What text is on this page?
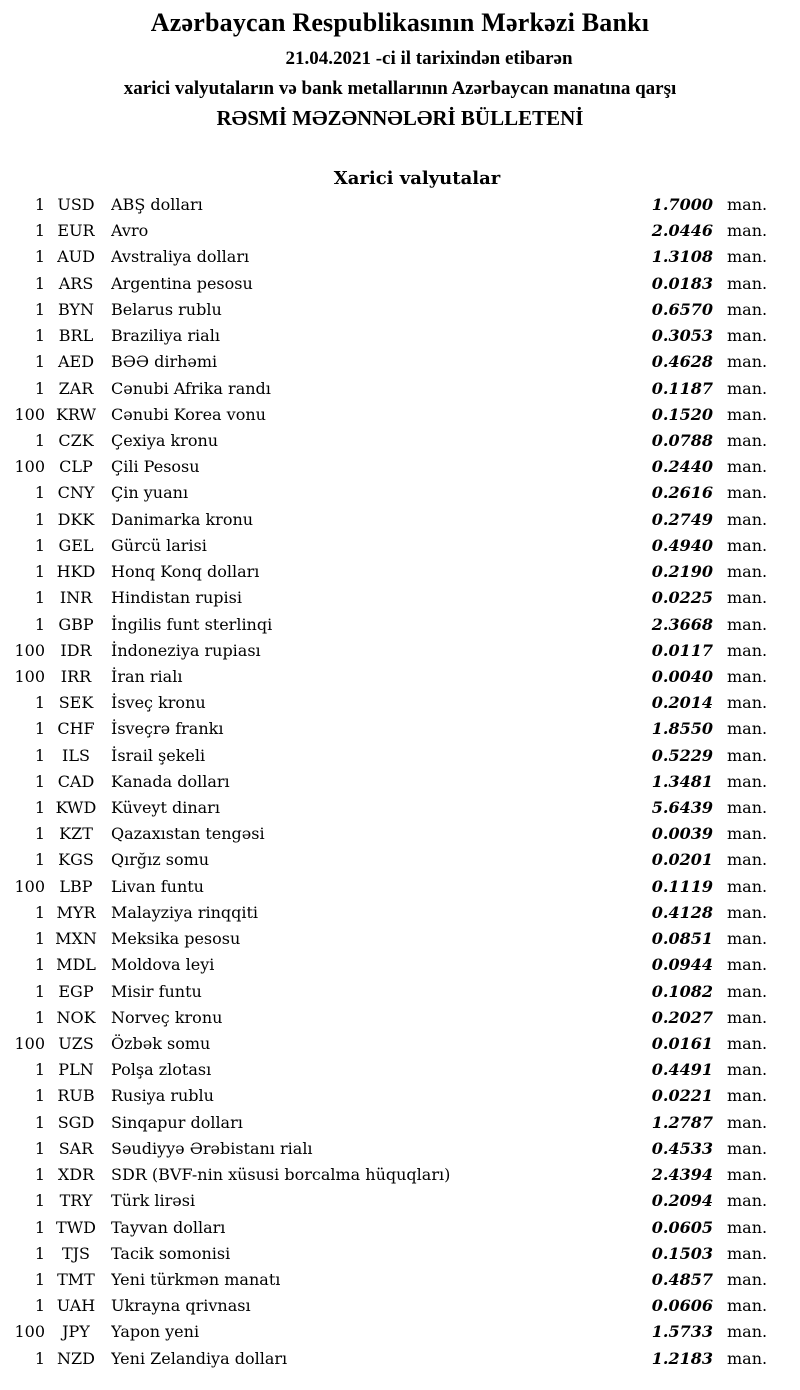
Azərbaycan Respublikasının Mərkəzi Bankı
21.04.2021 -ci il tarixindən etibarən
xarici valyutaların və bank metallarının Azərbaycan manatına qarşı
RƏSMİ MƏZƏNNƏLƏRİ BÜLLETENİ
Xarici valyutalar
1 USD	ABŞ dolları	1.7000 man.
1 EUR	Avro	2.0446 man.
1 AUD	Avstraliya dolları	1.3108 man.
1 ARS	Argentina pesosu	0.0183 man.
1 BYN	Belarus rublu	0.6570 man.
1 BRL	Braziliya rialı	0.3053 man.
1 AED	BƏƏ dirhəmi	0.4628 man.
1 ZAR	Cənubi Afrika randı	0.1187 man.
100 KRW Cənubi Korea vonu	0.1520 man.
1 CZK	Çexiya kronu	0.0788 man.
100 CLP	Çili Pesosu	0.2440 man.
1 CNY	Çin yuanı	0.2616 man.
1 DKK	Danimarka kronu	0.2749 man.
1 GEL	Gürcü larisi	0.4940 man.
1 HKD Honq Konq dolları	0.2190 man.
1 INR	Hindistan rupisi	0.0225 man.
1 GBP	İngilis funt sterlinqi	2.3668 man.
100 IDR	İndoneziya rupiası	0.0117 man.
100 IRR	İran rialı	0.0040 man.
1 SEK	İsveç kronu	0.2014 man.
1 CHF	İsveçrə frankı	1.8550 man.
1	ILS	İsrail şekeli	0.5229 man.
1 CAD	Kanada dolları	1.3481 man.
1 KWD Küveyt dinarı	5.6439 man.
1 KZT	Qazaxıstan tengəsi	0.0039 man.
1 KGS	Qırğız somu	0.0201 man.
100 LBP	Livan funtu	0.1119 man.
1 MYR Malayziya rinqqiti	0.4128 man.
1 MXN Meksika pesosu	0.0851 man.
1 MDL Moldova leyi	0.0944 man.
1 EGP	Misir funtu	0.1082 man.
1 NOK Norveç kronu	0.2027 man.
100 UZS	Özbək somu	0.0161 man.
1 PLN	Polşa zlotası	0.4491 man.
1 RUB	Rusiya rublu	0.0221 man.
1 SGD	Sinqapur dolları	1.2787 man.
1 SAR	Səudiyyə Ərəbistanı rialı	0.4533 man.
1 XDR	SDR (BVF-nin xüsusi borcalma hüquqları)	2.4394 man.
1 TRY	Türk lirəsi	0.2094 man.
1 TWD Tayvan dolları	0.0605 man.
1	TJS	Tacik somonisi	0.1503 man.
1 TMT	Yeni türkmən manatı	0.4857 man.
1 UAH Ukrayna qrivnası	0.0606 man.
100	JPY	Yapon yeni	1.5733 man.
1 NZD	Yeni Zelandiya dolları	1.2183 man.
